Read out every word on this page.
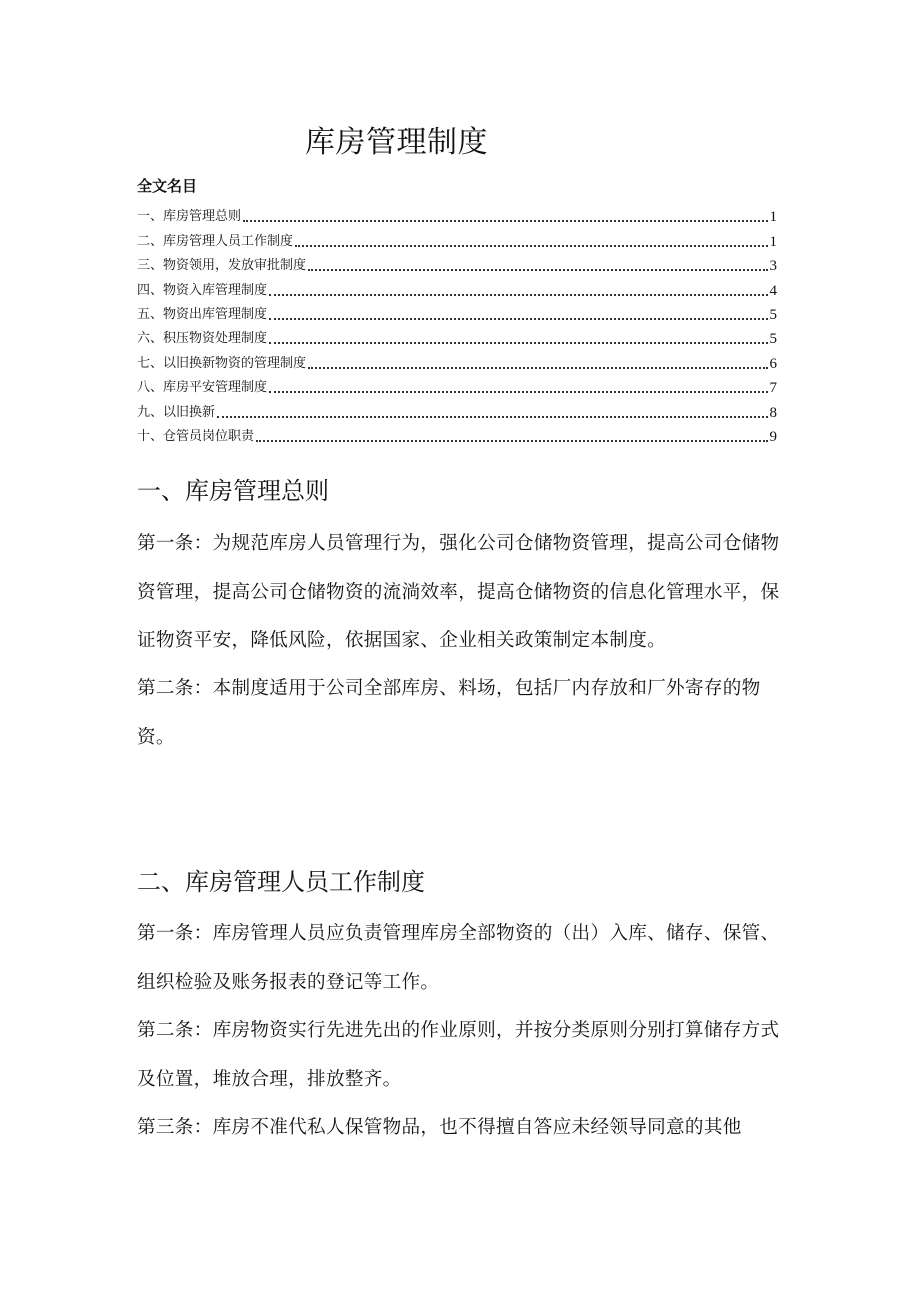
库房管理制度
全文名目
一、库房管理总则	1
二、库房管理人员工作制度	1
三、物资领用，发放审批制度	3
四、物资入库管理制度	4
五、物资出库管理制度	5
六、积压物资处理制度	5
七、以旧换新物资的管理制度	6
八、库房平安管理制度	7
九、以旧换新	8
十、仓管员岗位职责	9
一、库房管理总则

第一条：为规范库房人员管理行为，强化公司仓储物资管理，提高公司仓储物资管理，提高公司仓储物资的流淌效率，提高仓储物资的信息化管理水平，保证物资平安，降低风险，依据国家、企业相关政策制定本制度。

第二条：本制度适用于公司全部库房、料场，包括厂内存放和厂外寄存的物资。

二、库房管理人员工作制度

第一条：库房管理人员应负责管理库房全部物资的（出）入库、储存、保管、组织检验及账务报表的登记等工作。

第二条：库房物资实行先进先出的作业原则，并按分类原则分别打算储存方式及位置，堆放合理，排放整齐。

第三条：库房不准代私人保管物品，也不得擅自答应未经领导同意的其他
